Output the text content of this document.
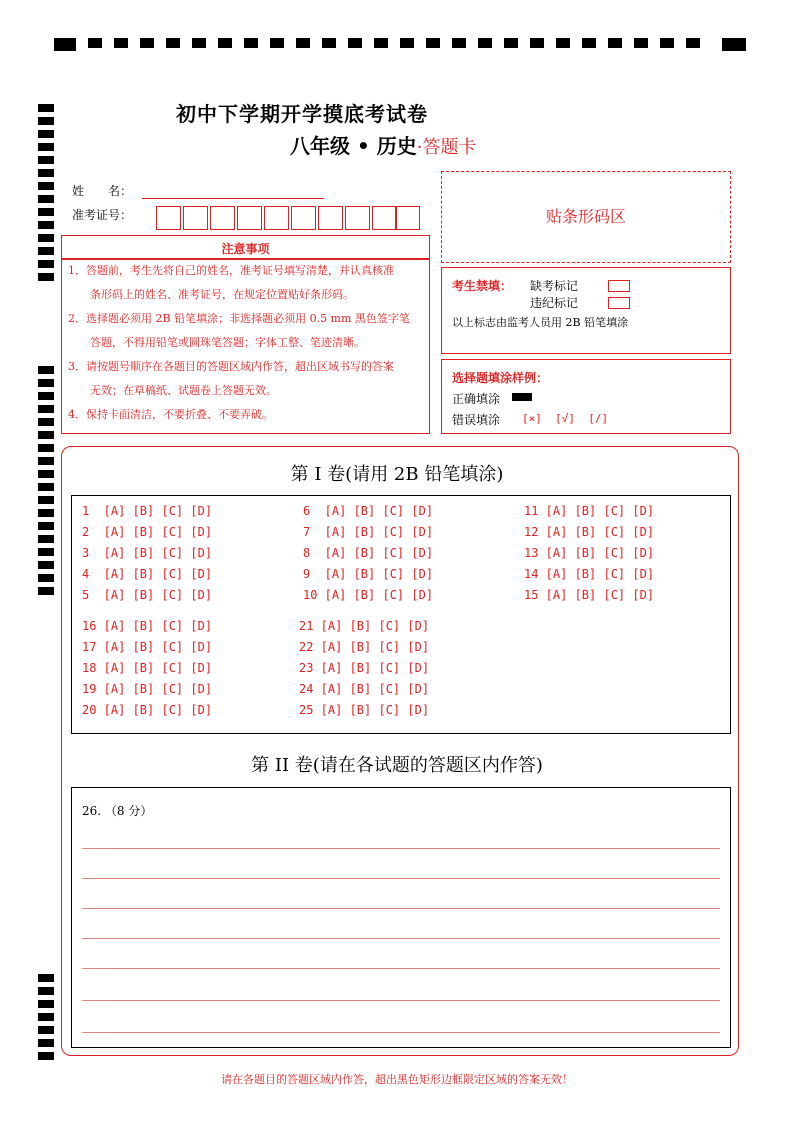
初中下学期开学摸底考试卷
八年级 • 历史·答题卡
姓　　名：
准考证号：	贴条形码区
注意事项
1．答题前，考生先将自己的姓名，准考证号填写清楚，并认真核准
　　条形码上的姓名、准考证号，在规定位置贴好条形码。
2．选择题必须用 2B 铅笔填涂；非选择题必须用 0.5 mm 黑色签字笔
　　答题，不得用铅笔或圆珠笔答题；字体工整、笔迹清晰。
3．请按题号顺序在各题目的答题区域内作答，超出区域书写的答案
　　无效；在草稿纸、试题卷上答题无效。
4．保持卡面清洁，不要折叠、不要弄破。
考生禁填： 缺考标记
违纪标记
以上标志由监考人员用 2B 铅笔填涂
选择题填涂样例：
正确填涂
错误填涂 [×]  [√]  [/]
第 I 卷(请用 2B 铅笔填涂)
1  [A] [B] [C] [D]
2  [A] [B] [C] [D]
3  [A] [B] [C] [D]
4  [A] [B] [C] [D]
5  [A] [B] [C] [D]
6  [A] [B] [C] [D]
7  [A] [B] [C] [D]
8  [A] [B] [C] [D]
9  [A] [B] [C] [D]
10 [A] [B] [C] [D]
11 [A] [B] [C] [D]
12 [A] [B] [C] [D]
13 [A] [B] [C] [D]
14 [A] [B] [C] [D]
15 [A] [B] [C] [D]
16 [A] [B] [C] [D]
17 [A] [B] [C] [D]
18 [A] [B] [C] [D]
19 [A] [B] [C] [D]
20 [A] [B] [C] [D]
21 [A] [B] [C] [D]
22 [A] [B] [C] [D]
23 [A] [B] [C] [D]
24 [A] [B] [C] [D]
25 [A] [B] [C] [D]
第 II 卷(请在各试题的答题区内作答)
26. （8 分）
请在各题目的答题区域内作答，超出黑色矩形边框限定区域的答案无效！
